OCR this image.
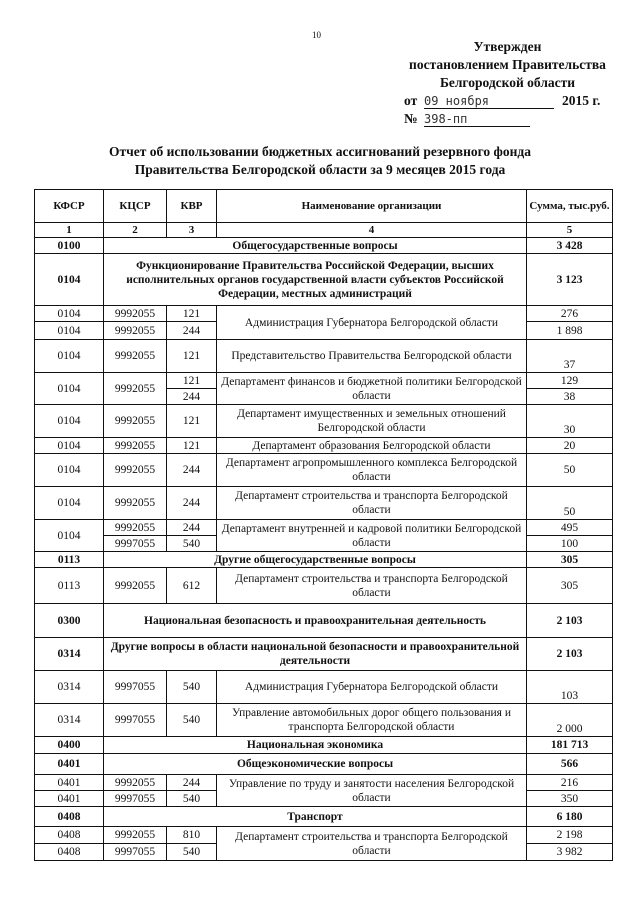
10
Утвержден
постановлением Правительства
Белгородской области
от 09 ноября	2015 г.
№ 398-пп
Отчет об использовании бюджетных ассигнований резервного фонда
Правительства Белгородской области за 9 месяцев 2015 года
КФСР	КЦСР	КВР	Наименование организации	Сумма, тыс.руб.
1	2	3	4	5
0100	Общегосударственные вопросы			3 428
0104	Функционирование Правительства Российской Федерации, высших исполнительных органов государственной власти субъектов Российской Федерации, местных администраций			3 123
0104	9992055	121	Администрация Губернатора Белгородской области	276
0104	9992055	244		1 898
0104	9992055	121	Представительство Правительства Белгородской области	37
0104	9992055	121	Департамент финансов и бюджетной политики Белгородской области	129
		244		38
0104	9992055	121	Департамент имущественных и земельных отношений Белгородской области	30
0104	9992055	121	Департамент образования Белгородской области	20
0104	9992055	244	Департамент агропромышленного комплекса Белгородской области	50
0104	9992055	244	Департамент строительства и транспорта Белгородской области	50
0104	9992055	244	Департамент внутренней и кадровой политики Белгородской области	495
	9997055	540		100
0113	Другие общегосударственные вопросы			305
0113	9992055	612	Департамент строительства и транспорта Белгородской области	305
0300	Национальная безопасность и правоохранительная деятельность			2 103
0314	Другие вопросы в области национальной безопасности и правоохранительной деятельности			2 103
0314	9997055	540	Администрация Губернатора Белгородской области	103
0314	9997055	540	Управление автомобильных дорог общего пользования и транспорта Белгородской области	2 000
0400	Национальная экономика			181 713
0401	Общеэкономические вопросы			566
0401	9992055	244	Управление по труду и занятости населения Белгородской области	216
0401	9997055	540		350
0408	Транспорт			6 180
0408	9992055	810	Департамент строительства и транспорта Белгородской области	2 198
0408	9997055	540		3 982
